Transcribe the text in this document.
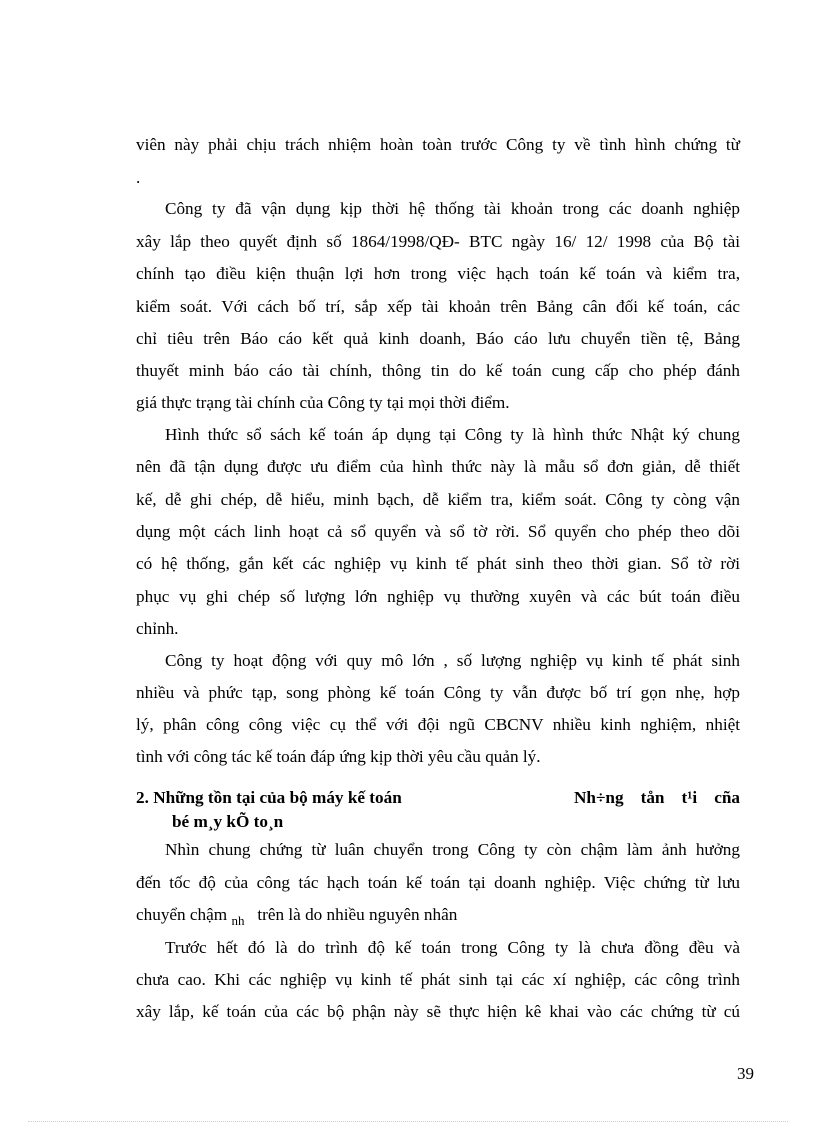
viên này phải chịu trách nhiệm hoàn toàn trước Công ty về tình hình chứng từ
.
Công ty đã vận dụng kịp thời hệ thống tài khoản trong các doanh nghiệp
xây lắp theo quyết định số 1864/1998/QĐ- BTC ngày 16/ 12/ 1998 của Bộ tài
chính tạo điều kiện thuận lợi hơn trong việc hạch toán kế toán và kiểm tra,
kiểm soát. Với cách bố trí, sắp xếp tài khoản trên Bảng cân đối kế toán, các
chỉ tiêu trên Báo cáo kết quả kinh doanh, Báo cáo lưu chuyển tiền tệ, Bảng
thuyết minh báo cáo tài chính, thông tin do kế toán cung cấp cho phép đánh
giá thực trạng tài chính của Công ty tại mọi thời điểm.
Hình thức sổ sách kế toán áp dụng tại Công ty là hình thức Nhật ký chung
nên đã tận dụng được ưu điểm của hình thức này là mẫu sổ đơn giản, dễ thiết
kế, dễ ghi chép, dễ hiểu, minh bạch, dễ kiểm tra, kiểm soát. Công ty còng vận
dụng một cách linh hoạt cả sổ quyển và sổ tờ rời. Sổ quyển cho phép theo dõi
có hệ thống, gắn kết các nghiệp vụ kinh tế phát sinh theo thời gian. Sổ tờ rời
phục vụ ghi chép số lượng lớn nghiệp vụ thường xuyên và các bút toán điều
chỉnh.
Công ty hoạt động với quy mô lớn , số lượng nghiệp vụ kinh tế phát sinh
nhiều và phức tạp, song phòng kế toán Công ty vẫn được bố trí gọn nhẹ, hợp
lý, phân công công việc cụ thể với đội ngũ CBCNV nhiều kinh nghiệm, nhiệt
tình với công tác kế toán đáp ứng kịp thời yêu cầu quản lý.
2. Những tồn tại của bộ máy kế toán	Nh÷ng tån t¹i cña
bé m¸y kÕ to¸n
Nhìn chung chứng từ luân chuyển trong Công ty còn chậm làm ảnh hưởng
đến tốc độ của công tác hạch toán kế toán tại doanh nghiệp. Việc chứng từ lưu
chuyển chậm $_{nh}$   trên là do nhiều nguyên nhân
Trước hết đó là do trình độ kế toán trong Công ty là chưa đồng đều và
chưa cao. Khi các nghiệp vụ kinh tế phát sinh tại các xí nghiệp, các công trình
xây lắp, kế toán của các bộ phận này sẽ thực hiện kê khai vào các chứng từ cú
39
